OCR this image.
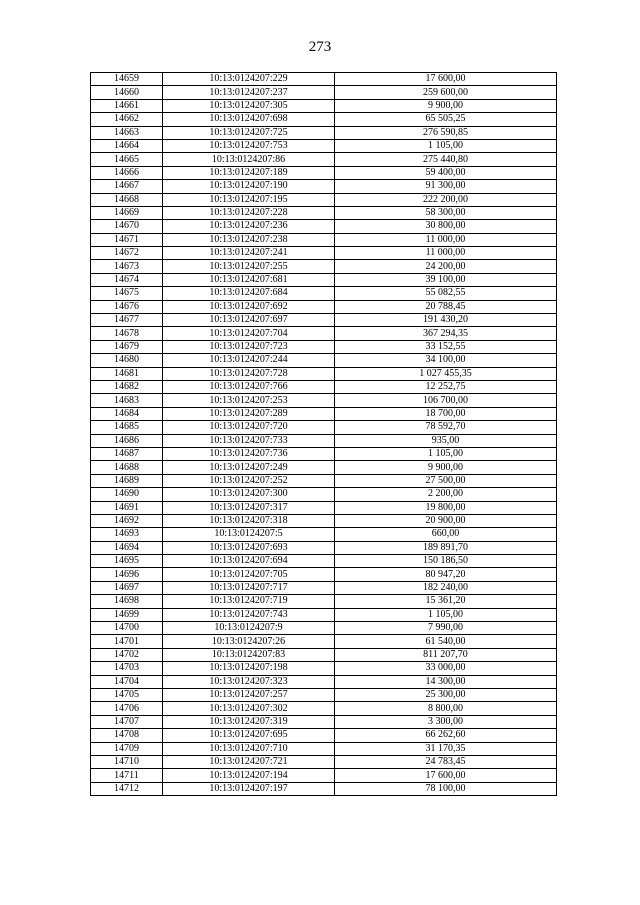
273
14659	10:13:0124207:229	17 600,00
14660	10:13:0124207:237	259 600,00
14661	10:13:0124207:305	9 900,00
14662	10:13:0124207:698	65 505,25
14663	10:13:0124207:725	276 590,85
14664	10:13:0124207:753	1 105,00
14665	10:13:0124207:86	275 440,80
14666	10:13:0124207:189	59 400,00
14667	10:13:0124207:190	91 300,00
14668	10:13:0124207:195	222 200,00
14669	10:13:0124207:228	58 300,00
14670	10:13:0124207:236	30 800,00
14671	10:13:0124207:238	11 000,00
14672	10:13:0124207:241	11 000,00
14673	10:13:0124207:255	24 200,00
14674	10:13:0124207:681	39 100,00
14675	10:13:0124207:684	55 082,55
14676	10:13:0124207:692	20 788,45
14677	10:13:0124207:697	191 430,20
14678	10:13:0124207:704	367 294,35
14679	10:13:0124207:723	33 152,55
14680	10:13:0124207:244	34 100,00
14681	10:13:0124207:728	1 027 455,35
14682	10:13:0124207:766	12 252,75
14683	10:13:0124207:253	106 700,00
14684	10:13:0124207:289	18 700,00
14685	10:13:0124207:720	78 592,70
14686	10:13:0124207:733	935,00
14687	10:13:0124207:736	1 105,00
14688	10:13:0124207:249	9 900,00
14689	10:13:0124207:252	27 500,00
14690	10:13:0124207:300	2 200,00
14691	10:13:0124207:317	19 800,00
14692	10:13:0124207:318	20 900,00
14693	10:13:0124207:5	660,00
14694	10:13:0124207:693	189 891,70
14695	10:13:0124207:694	150 186,50
14696	10:13:0124207:705	80 947,20
14697	10:13:0124207:717	182 240,00
14698	10:13:0124207:719	15 361,20
14699	10:13:0124207:743	1 105,00
14700	10:13:0124207:9	7 990,00
14701	10:13:0124207:26	61 540,00
14702	10:13:0124207:83	811 207,70
14703	10:13:0124207:198	33 000,00
14704	10:13:0124207:323	14 300,00
14705	10:13:0124207:257	25 300,00
14706	10:13:0124207:302	8 800,00
14707	10:13:0124207:319	3 300,00
14708	10:13:0124207:695	66 262,60
14709	10:13:0124207:710	31 170,35
14710	10:13:0124207:721	24 783,45
14711	10:13:0124207:194	17 600,00
14712	10:13:0124207:197	78 100,00
